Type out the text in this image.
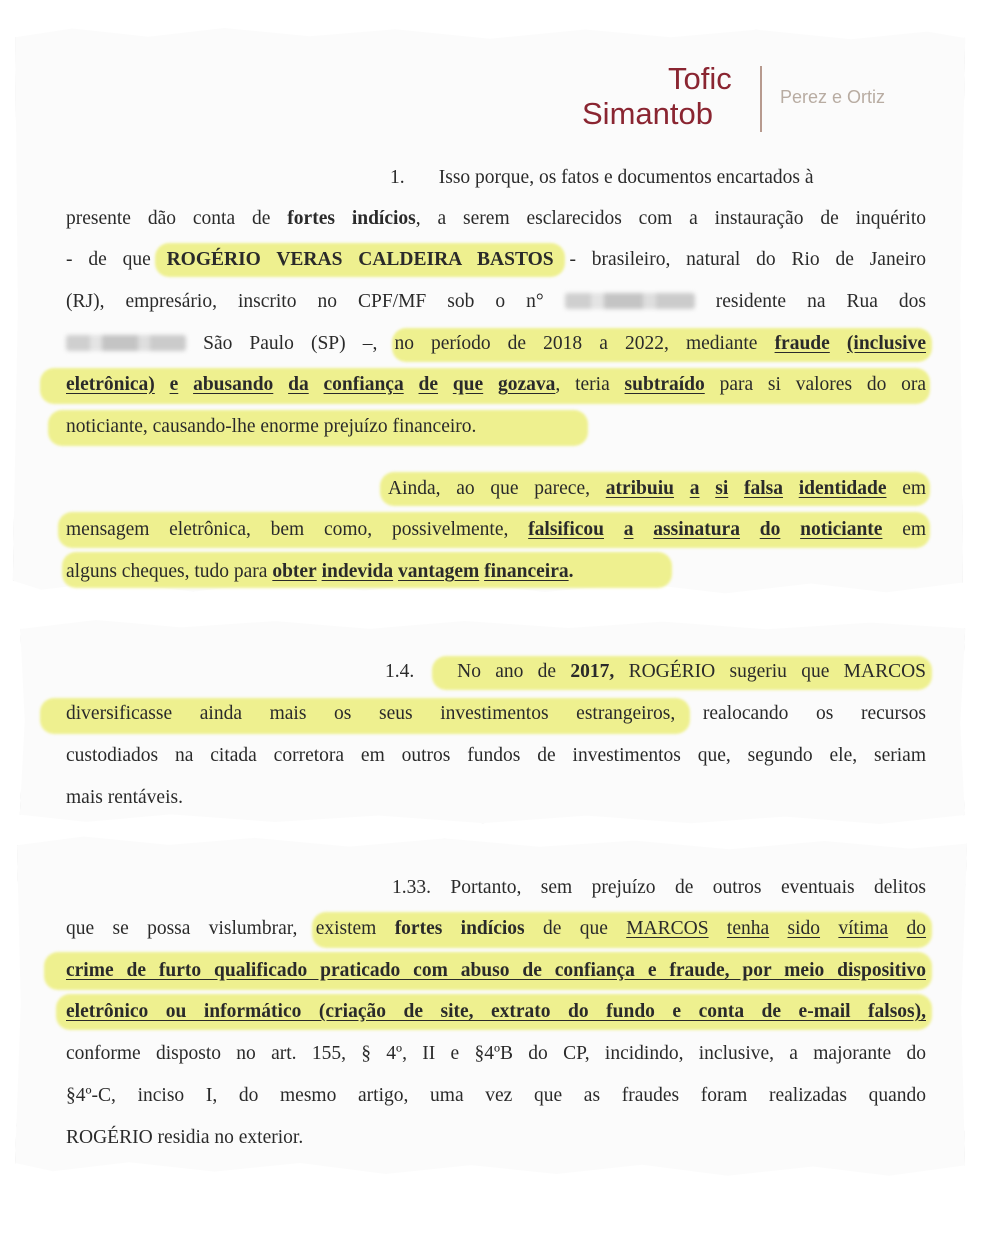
Tofic
Simantob	Perez e Ortiz
1. Isso porque, os fatos e documentos encartados à
presente dão conta de fortes indícios, a serem esclarecidos com a instauração de inquérito
- de que ROGÉRIO VERAS CALDEIRA BASTOS - brasileiro, natural do Rio de Janeiro
(RJ), empresário, inscrito no CPF/MF sob o n°	residente na Rua dos
São Paulo (SP) –, no período de 2018 a 2022, mediante fraude (inclusive
eletrônica) e abusando da confiança de que gozava, teria subtraído para si valores do ora
noticiante, causando-lhe enorme prejuízo financeiro.
Ainda, ao que parece, atribuiu a si falsa identidade em
mensagem eletrônica, bem como, possivelmente, falsificou a assinatura do noticiante em
alguns cheques, tudo para obter indevida vantagem financeira.
1.4. No ano de 2017, ROGÉRIO sugeriu que MARCOS
diversificasse ainda mais os seus investimentos estrangeiros, realocando os recursos
custodiados na citada corretora em outros fundos de investimentos que, segundo ele, seriam
mais rentáveis.
1.33. Portanto, sem prejuízo de outros eventuais delitos
que se possa vislumbrar, existem fortes indícios de que MARCOS tenha sido vítima do
crime de furto qualificado praticado com abuso de confiança e fraude, por meio dispositivo
eletrônico ou informático (criação de site, extrato do fundo e conta de e-mail falsos),
conforme disposto no art. 155, § 4º, II e §4ºB do CP, incidindo, inclusive, a majorante do
§4º-C, inciso I, do mesmo artigo, uma vez que as fraudes foram realizadas quando
ROGÉRIO residia no exterior.
